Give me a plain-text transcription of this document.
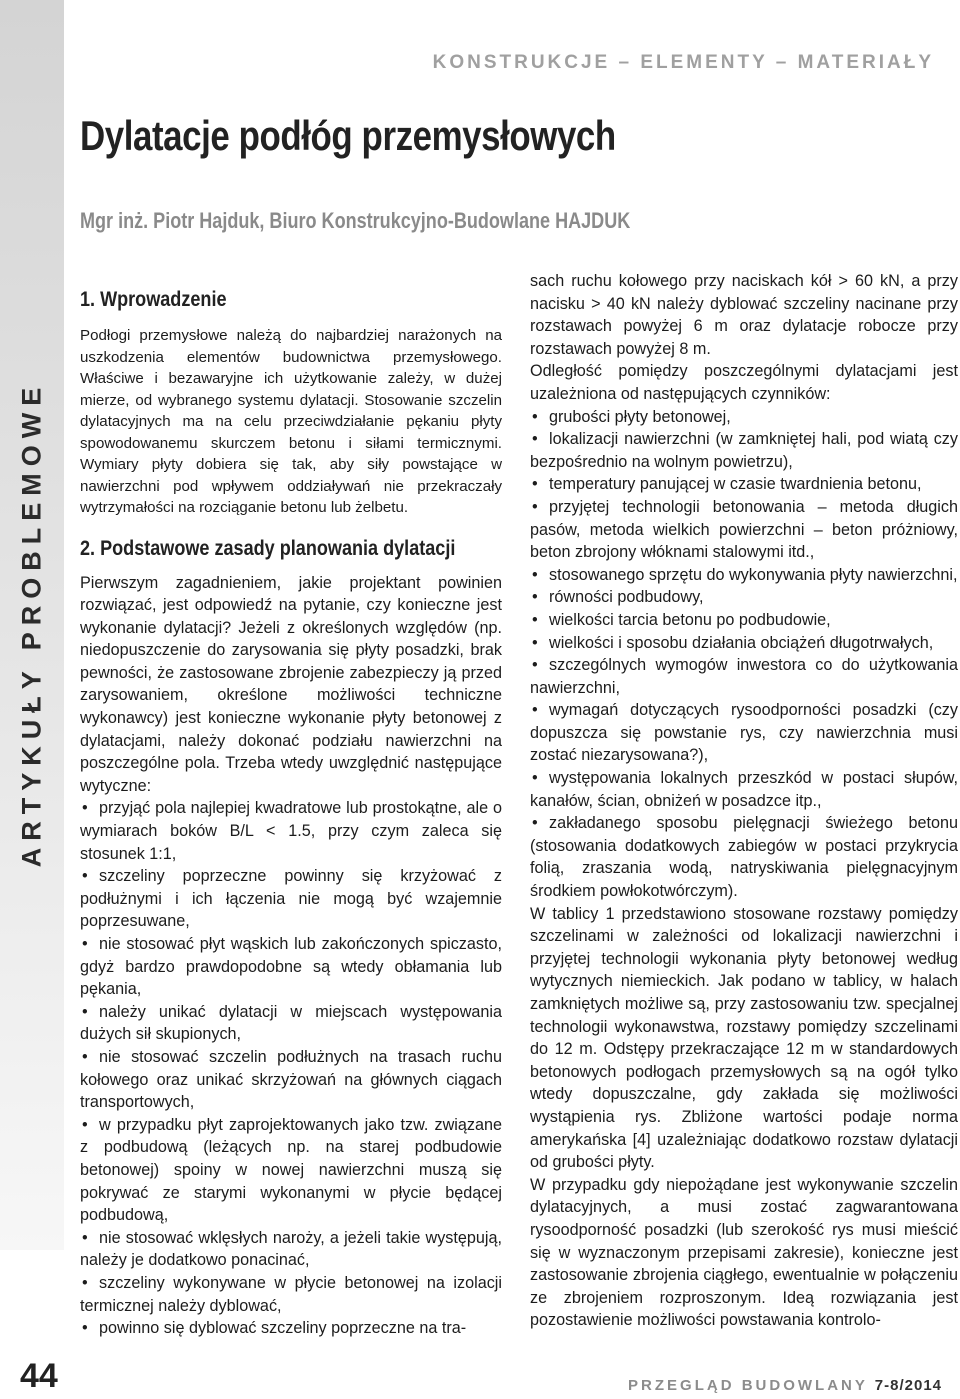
ARTYKUŁY PROBLEMOWE
44
KONSTRUKCJE – ELEMENTY – MATERIAŁY
Dylatacje podłóg przemysłowych

Mgr inż. Piotr Hajduk, Biuro Konstrukcyjno-Budowlane HAJDUK

1. Wprowadzenie

Podłogi przemysłowe należą do najbardziej narażonych na uszkodzenia elementów budownictwa przemysłowego. Właściwe i bezawaryjne ich użytkowanie zależy, w dużej mierze, od wybranego systemu dylatacji. Stosowanie szczelin dylatacyjnych ma na celu przeciwdziałanie pękaniu płyty spowodowanemu skurczem betonu i siłami termicznymi. Wymiary płyty dobiera się tak, aby siły powstające w nawierzchni pod wpływem oddziaływań nie przekraczały wytrzymałości na rozciąganie betonu lub żelbetu.

2. Podstawowe zasady planowania dylatacji

Pierwszym zagadnieniem, jakie projektant powinien rozwiązać, jest odpowiedź na pytanie, czy konieczne jest wykonanie dylatacji? Jeżeli z określonych względów (np. niedopuszczenie do zarysowania się płyty posadzki, brak pewności, że zastosowane zbrojenie zabezpieczy ją przed zarysowaniem, określone możliwości techniczne wykonawcy) jest konieczne wykonanie płyty betonowej z dylatacjami, należy dokonać podziału nawierzchni na poszczególne pola. Trzeba wtedy uwzględnić następujące wytyczne:

• przyjąć pola najlepiej kwadratowe lub prostokątne, ale o wymiarach boków B/L < 1.5, przy czym zaleca się stosunek 1:1,
• szczeliny poprzeczne powinny się krzyżować z podłużnymi i ich łączenia nie mogą być wzajemnie poprzesuwane,
• nie stosować płyt wąskich lub zakończonych spiczasto, gdyż bardzo prawdopodobne są wtedy obłamania lub pękania,
• należy unikać dylatacji w miejscach występowania dużych sił skupionych,
• nie stosować szczelin podłużnych na trasach ruchu kołowego oraz unikać skrzyżowań na głównych ciągach transportowych,
• w przypadku płyt zaprojektowanych jako tzw. związane z podbudową (leżących np. na starej podbudowie betonowej) spoiny w nowej nawierzchni muszą się pokrywać ze starymi wykonanymi w płycie będącej podbudową,
• nie stosować wklęsłych naroży, a jeżeli takie występują, należy je dodatkowo ponacinać,
• szczeliny wykonywane w płycie betonowej na izolacji termicznej należy dyblować,
• powinno się dyblować szczeliny poprzeczne na tra-

sach ruchu kołowego przy naciskach kół > 60 kN, a przy nacisku > 40 kN należy dyblować szczeliny nacinane przy rozstawach powyżej 6 m oraz dylatacje robocze przy rozstawach powyżej 8 m.

Odległość pomiędzy poszczególnymi dylatacjami jest uzależniona od następujących czynników:

• grubości płyty betonowej,
• lokalizacji nawierzchni (w zamkniętej hali, pod wiatą czy bezpośrednio na wolnym powietrzu),
• temperatury panującej w czasie twardnienia betonu,
• przyjętej technologii betonowania – metoda długich pasów, metoda wielkich powierzchni – beton próżniowy, beton zbrojony włóknami stalowymi itd.,
• stosowanego sprzętu do wykonywania płyty nawierzchni,
• równości podbudowy,
• wielkości tarcia betonu po podbudowie,
• wielkości i sposobu działania obciążeń długotrwałych,
• szczególnych wymogów inwestora co do użytkowania nawierzchni,
• wymagań dotyczących rysoodporności posadzki (czy dopuszcza się powstanie rys, czy nawierzchnia musi zostać niezarysowana?),
• występowania lokalnych przeszkód w postaci słupów, kanałów, ścian, obniżeń w posadzce itp.,
• zakładanego sposobu pielęgnacji świeżego betonu (stosowania dodatkowych zabiegów w postaci przykrycia folią, zraszania wodą, natryskiwania pielęgnacyjnym środkiem powłokotwórczym).

W tablicy 1 przedstawiono stosowane rozstawy pomiędzy szczelinami w zależności od lokalizacji nawierzchni i przyjętej technologii wykonania płyty betonowej według wytycznych niemieckich. Jak podano w tablicy, w halach zamkniętych możliwe są, przy zastosowaniu tzw. specjalnej technologii wykonawstwa, rozstawy pomiędzy szczelinami do 12 m. Odstępy przekraczające 12 m w standardowych betonowych podłogach przemysłowych są na ogół tylko wtedy dopuszczalne, gdy zakłada się możliwości wystąpienia rys. Zbliżone wartości podaje norma amerykańska [4] uzależniając dodatkowo rozstaw dylatacji od grubości płyty.

W przypadku gdy niepożądane jest wykonywanie szczelin dylatacyjnych, a musi zostać zagwarantowana rysoodporność posadzki (lub szerokość rys musi mieścić się w wyznaczonym przepisami zakresie), konieczne jest zastosowanie zbrojenia ciągłego, ewentualnie w połączeniu ze zbrojeniem rozproszonym. Ideą rozwiązania jest pozostawienie możliwości powstawania kontrolo-

PRZEGLĄD BUDOWLANY 7-8/2014
